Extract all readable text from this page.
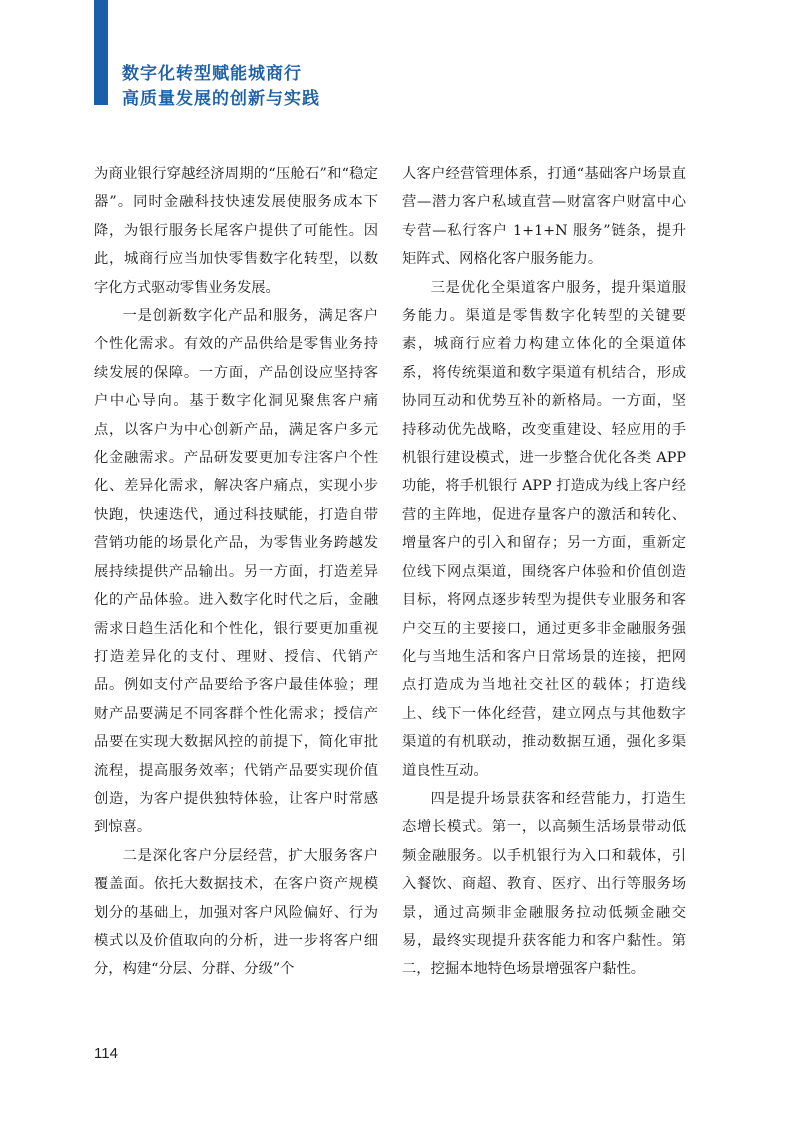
数字化转型赋能城商行
高质量发展的创新与实践

为商业银行穿越经济周期的“压舱石”和“稳定器”。同时金融科技快速发展使服务成本下降，为银行服务长尾客户提供了可能性。因此，城商行应当加快零售数字化转型，以数字化方式驱动零售业务发展。

一是创新数字化产品和服务，满足客户个性化需求。有效的产品供给是零售业务持续发展的保障。一方面，产品创设应坚持客户中心导向。基于数字化洞见聚焦客户痛点，以客户为中心创新产品，满足客户多元化金融需求。产品研发要更加专注客户个性化、差异化需求，解决客户痛点，实现小步快跑，快速迭代，通过科技赋能，打造自带营销功能的场景化产品，为零售业务跨越发展持续提供产品输出。另一方面，打造差异化的产品体验。进入数字化时代之后，金融需求日趋生活化和个性化，银行要更加重视打造差异化的支付、理财、授信、代销产品。例如支付产品要给予客户最佳体验；理财产品要满足不同客群个性化需求；授信产品要在实现大数据风控的前提下，简化审批流程，提高服务效率；代销产品要实现价值创造，为客户提供独特体验，让客户时常感到惊喜。

二是深化客户分层经营，扩大服务客户覆盖面。依托大数据技术，在客户资产规模划分的基础上，加强对客户风险偏好、行为模式以及价值取向的分析，进一步将客户细分，构建“分层、分群、分级”个

人客户经营管理体系，打通“基础客户场景直营—潜力客户私域直营—财富客户财富中心专营—私行客户 1+1+N 服务”链条，提升矩阵式、网格化客户服务能力。

三是优化全渠道客户服务，提升渠道服务能力。渠道是零售数字化转型的关键要素，城商行应着力构建立体化的全渠道体系，将传统渠道和数字渠道有机结合，形成协同互动和优势互补的新格局。一方面，坚持移动优先战略，改变重建设、轻应用的手机银行建设模式，进一步整合优化各类 APP 功能，将手机银行 APP 打造成为线上客户经营的主阵地，促进存量客户的激活和转化、增量客户的引入和留存；另一方面，重新定位线下网点渠道，围绕客户体验和价值创造目标，将网点逐步转型为提供专业服务和客户交互的主要接口，通过更多非金融服务强化与当地生活和客户日常场景的连接，把网点打造成为当地社交社区的载体；打造线上、线下一体化经营，建立网点与其他数字渠道的有机联动，推动数据互通，强化多渠道良性互动。

四是提升场景获客和经营能力，打造生态增长模式。第一，以高频生活场景带动低频金融服务。以手机银行为入口和载体，引入餐饮、商超、教育、医疗、出行等服务场景，通过高频非金融服务拉动低频金融交易，最终实现提升获客能力和客户黏性。第二，挖掘本地特色场景增强客户黏性。

114
